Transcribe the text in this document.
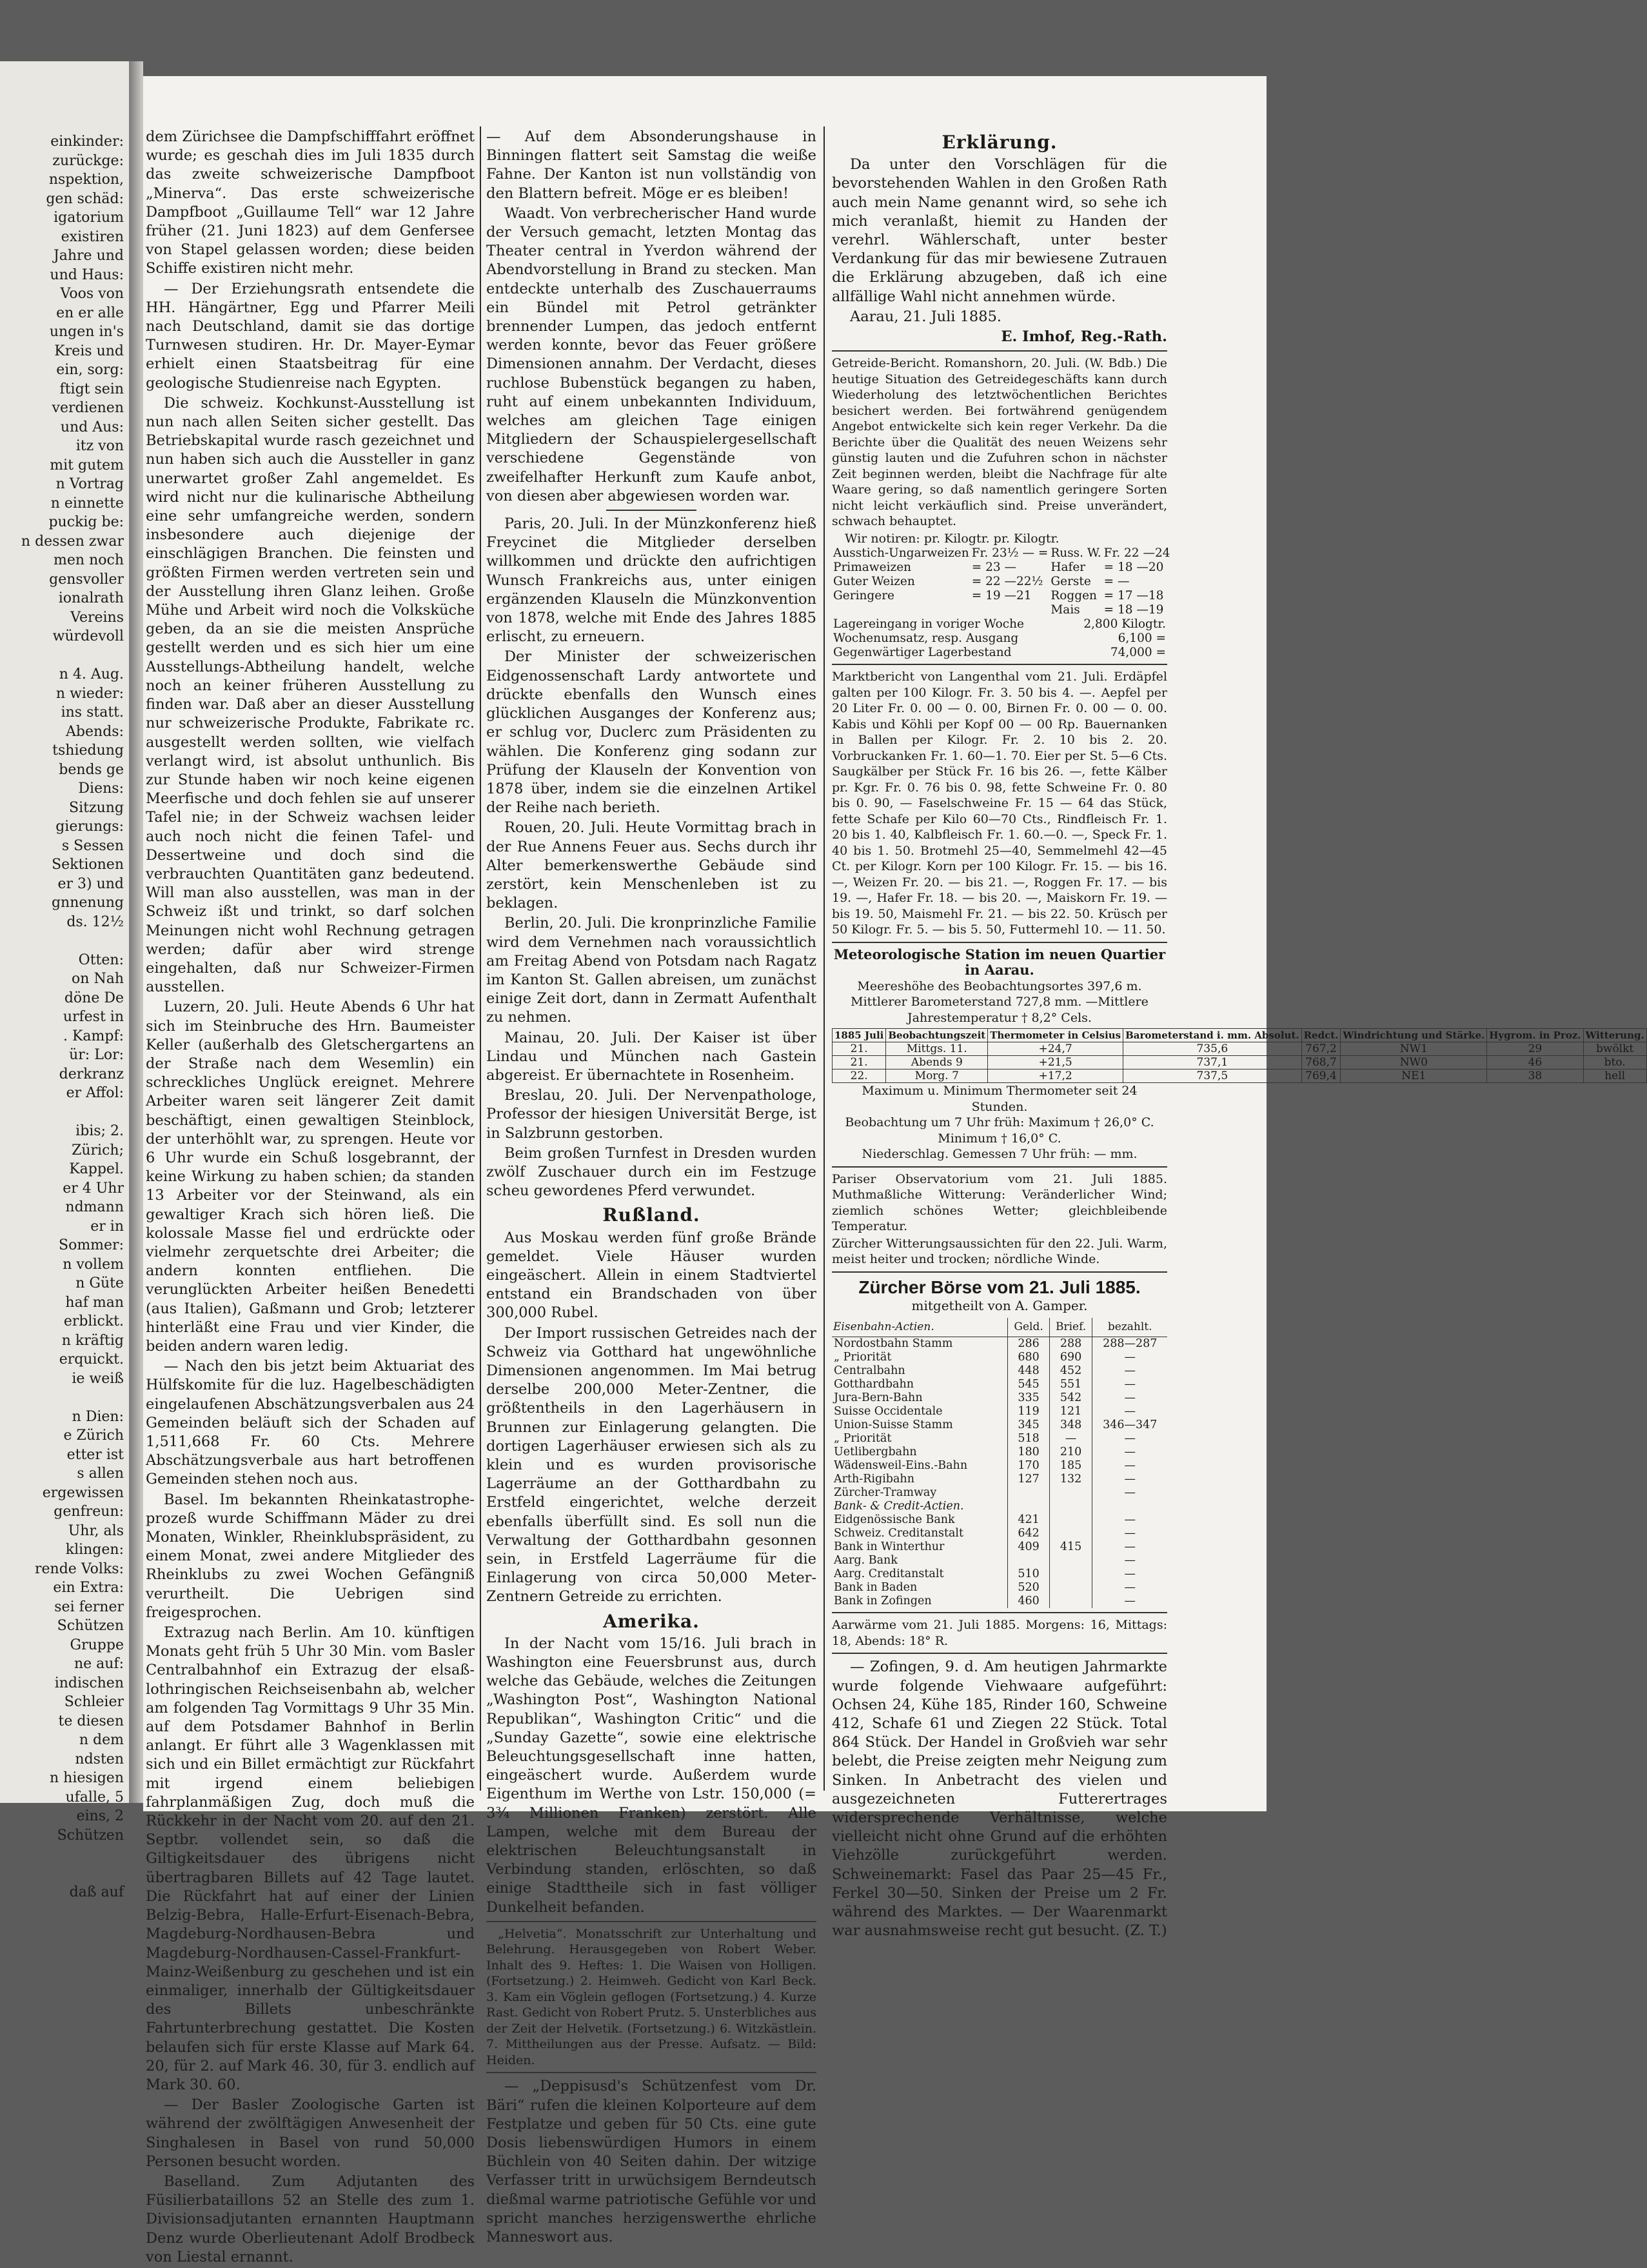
einkinder:
zurückge:
nspektion,
gen schäd:
igatorium
existiren
Jahre und
und Haus:
Voos von
en er alle
ungen in's
Kreis und
ein, sorg:
ftigt sein
verdienen
und Aus:
itz von
mit gutem
n Vortrag
n einnette
puckig be:
n dessen zwar
men noch
gensvoller
ionalrath
Vereins
würdevoll

n 4. Aug.
n wieder:
ins statt.
Abends:
tshiedung
bends ge
Diens:
Sitzung
gierungs:
s Sessen
Sektionen
er 3) und
gnnenung
ds. 12½

Otten:
on Nah
döne De
urfest in
. Kampf:
ür: Lor:
derkranz
er Affol:

ibis; 2.
Zürich;
Kappel.
er 4 Uhr
ndmann
er in
Sommer:
n vollem
n Güte
haf man
erblickt.
n kräftig
erquickt.
ie weiß

n Dien:
e Zürich
etter ist
s allen
ergewissen
genfreun:
Uhr, als
klingen:
rende Volks:
ein Extra:
sei ferner
Schützen
Gruppe
ne auf:
indischen
Schleier
te diesen
n dem
ndsten
n hiesigen
ufalle, 5
eins, 2
Schützen

daß auf

dem Zürichsee die Dampfschifffahrt eröffnet wurde; es geschah dies im Juli 1835 durch das zweite schweizerische Dampfboot „Minerva“. Das erste schweizerische Dampfboot „Guillaume Tell“ war 12 Jahre früher (21. Juni 1823) auf dem Genfersee von Stapel gelassen worden; diese beiden Schiffe existiren nicht mehr.

— Der Erziehungsrath entsendete die HH. Hängärtner, Egg und Pfarrer Meili nach Deutschland, damit sie das dortige Turnwesen studiren. Hr. Dr. Mayer-Eymar erhielt einen Staatsbeitrag für eine geologische Studienreise nach Egypten.

Die schweiz. Kochkunst-Ausstellung ist nun nach allen Seiten sicher gestellt. Das Betriebskapital wurde rasch gezeichnet und nun haben sich auch die Aussteller in ganz unerwartet großer Zahl angemeldet. Es wird nicht nur die kulinarische Abtheilung eine sehr umfangreiche werden, sondern insbesondere auch diejenige der einschlägigen Branchen. Die feinsten und größten Firmen werden vertreten sein und der Ausstellung ihren Glanz leihen. Große Mühe und Arbeit wird noch die Volksküche geben, da an sie die meisten Ansprüche gestellt werden und es sich hier um eine Ausstellungs-Abtheilung handelt, welche noch an keiner früheren Ausstellung zu finden war. Daß aber an dieser Ausstellung nur schweizerische Produkte, Fabrikate rc. ausgestellt werden sollten, wie vielfach verlangt wird, ist absolut unthunlich. Bis zur Stunde haben wir noch keine eigenen Meerfische und doch fehlen sie auf unserer Tafel nie; in der Schweiz wachsen leider auch noch nicht die feinen Tafel- und Dessertweine und doch sind die verbrauchten Quantitäten ganz bedeutend. Will man also ausstellen, was man in der Schweiz ißt und trinkt, so darf solchen Meinungen nicht wohl Rechnung getragen werden; dafür aber wird strenge eingehalten, daß nur Schweizer-Firmen ausstellen.

Luzern, 20. Juli. Heute Abends 6 Uhr hat sich im Steinbruche des Hrn. Baumeister Keller (außerhalb des Gletschergartens an der Straße nach dem Wesemlin) ein schreckliches Unglück ereignet. Mehrere Arbeiter waren seit längerer Zeit damit beschäftigt, einen gewaltigen Steinblock, der unterhöhlt war, zu sprengen. Heute vor 6 Uhr wurde ein Schuß losgebrannt, der keine Wirkung zu haben schien; da standen 13 Arbeiter vor der Steinwand, als ein gewaltiger Krach sich hören ließ. Die kolossale Masse fiel und erdrückte oder vielmehr zerquetschte drei Arbeiter; die andern konnten entfliehen. Die verunglückten Arbeiter heißen Benedetti (aus Italien), Gaßmann und Grob; letzterer hinterläßt eine Frau und vier Kinder, die beiden andern waren ledig.

— Nach den bis jetzt beim Aktuariat des Hülfskomite für die luz. Hagelbeschädigten eingelaufenen Abschätzungsverbalen aus 24 Gemeinden beläuft sich der Schaden auf 1,511,668 Fr. 60 Cts. Mehrere Abschätzungsverbale aus hart betroffenen Gemeinden stehen noch aus.

Basel. Im bekannten Rheinkatastrophe-prozeß wurde Schiffmann Mäder zu drei Monaten, Winkler, Rheinklubspräsident, zu einem Monat, zwei andere Mitglieder des Rheinklubs zu zwei Wochen Gefängniß verurtheilt. Die Uebrigen sind freigesprochen.

Extrazug nach Berlin. Am 10. künftigen Monats geht früh 5 Uhr 30 Min. vom Basler Centralbahnhof ein Extrazug der elsaß-lothringischen Reichseisenbahn ab, welcher am folgenden Tag Vormittags 9 Uhr 35 Min. auf dem Potsdamer Bahnhof in Berlin anlangt. Er führt alle 3 Wagenklassen mit sich und ein Billet ermächtigt zur Rückfahrt mit irgend einem beliebigen fahrplanmäßigen Zug, doch muß die Rückkehr in der Nacht vom 20. auf den 21. Septbr. vollendet sein, so daß die Giltigkeitsdauer des übrigens nicht übertragbaren Billets auf 42 Tage lautet. Die Rückfahrt hat auf einer der Linien Belzig-Bebra, Halle-Erfurt-Eisenach-Bebra, Magdeburg-Nordhausen-Bebra und Magdeburg-Nordhausen-Cassel-Frankfurt-Mainz-Weißenburg zu geschehen und ist ein einmaliger, innerhalb der Gültigkeitsdauer des Billets unbeschränkte Fahrtunterbrechung gestattet. Die Kosten belaufen sich für erste Klasse auf Mark 64. 20, für 2. auf Mark 46. 30, für 3. endlich auf Mark 30. 60.

— Der Basler Zoologische Garten ist während der zwölftägigen Anwesenheit der Singhalesen in Basel von rund 50,000 Personen besucht worden.

Baselland. Zum Adjutanten des Füsilierbataillons 52 an Stelle des zum 1. Divisionsadjutanten ernannten Hauptmann Denz wurde Oberlieutenant Adolf Brodbeck von Liestal ernannt.

— Auf dem Absonderungshause in Binningen flattert seit Samstag die weiße Fahne. Der Kanton ist nun vollständig von den Blattern befreit. Möge er es bleiben!

Waadt. Von verbrecherischer Hand wurde der Versuch gemacht, letzten Montag das Theater central in Yverdon während der Abendvorstellung in Brand zu stecken. Man entdeckte unterhalb des Zuschauerraums ein Bündel mit Petrol getränkter brennender Lumpen, das jedoch entfernt werden konnte, bevor das Feuer größere Dimensionen annahm. Der Verdacht, dieses ruchlose Bubenstück begangen zu haben, ruht auf einem unbekannten Individuum, welches am gleichen Tage einigen Mitgliedern der Schauspielergesellschaft verschiedene Gegenstände von zweifelhafter Herkunft zum Kaufe anbot, von diesen aber abgewiesen worden war.

Paris, 20. Juli. In der Münzkonferenz hieß Freycinet die Mitglieder derselben willkommen und drückte den aufrichtigen Wunsch Frankreichs aus, unter einigen ergänzenden Klauseln die Münzkonvention von 1878, welche mit Ende des Jahres 1885 erlischt, zu erneuern.

Der Minister der schweizerischen Eidgenossenschaft Lardy antwortete und drückte ebenfalls den Wunsch eines glücklichen Ausganges der Konferenz aus; er schlug vor, Duclerc zum Präsidenten zu wählen. Die Konferenz ging sodann zur Prüfung der Klauseln der Konvention von 1878 über, indem sie die einzelnen Artikel der Reihe nach berieth.

Rouen, 20. Juli. Heute Vormittag brach in der Rue Annens Feuer aus. Sechs durch ihr Alter bemerkenswerthe Gebäude sind zerstört, kein Menschenleben ist zu beklagen.

Berlin, 20. Juli. Die kronprinzliche Familie wird dem Vernehmen nach voraussichtlich am Freitag Abend von Potsdam nach Ragatz im Kanton St. Gallen abreisen, um zunächst einige Zeit dort, dann in Zermatt Aufenthalt zu nehmen.

Mainau, 20. Juli. Der Kaiser ist über Lindau und München nach Gastein abgereist. Er übernachtete in Rosenheim.

Breslau, 20. Juli. Der Nervenpathologe, Professor der hiesigen Universität Berge, ist in Salzbrunn gestorben.

Beim großen Turnfest in Dresden wurden zwölf Zuschauer durch ein im Festzuge scheu gewordenes Pferd verwundet.

Rußland.

Aus Moskau werden fünf große Brände gemeldet. Viele Häuser wurden eingeäschert. Allein in einem Stadtviertel entstand ein Brandschaden von über 300,000 Rubel.

Der Import russischen Getreides nach der Schweiz via Gotthard hat ungewöhnliche Dimensionen angenommen. Im Mai betrug derselbe 200,000 Meter-Zentner, die größtentheils in den Lagerhäusern in Brunnen zur Einlagerung gelangten. Die dortigen Lagerhäuser erwiesen sich als zu klein und es wurden provisorische Lagerräume an der Gotthardbahn zu Erstfeld eingerichtet, welche derzeit ebenfalls überfüllt sind. Es soll nun die Verwaltung der Gotthardbahn gesonnen sein, in Erstfeld Lagerräume für die Einlagerung von circa 50,000 Meter-Zentnern Getreide zu errichten.

Amerika.

In der Nacht vom 15/16. Juli brach in Washington eine Feuersbrunst aus, durch welche das Gebäude, welches die Zeitungen „Washington Post“, Washington National Republikan“, Washington Critic“ und die „Sunday Gazette“, sowie eine elektrische Beleuchtungsgesellschaft inne hatten, eingeäschert wurde. Außerdem wurde Eigenthum im Werthe von Lstr. 150,000 (= 3¾ Millionen Franken) zerstört. Alle Lampen, welche mit dem Bureau der elektrischen Beleuchtungsanstalt in Verbindung standen, erlöschten, so daß einige Stadttheile sich in fast völliger Dunkelheit befanden.

„Helvetia“. Monatsschrift zur Unterhaltung und Belehrung. Herausgegeben von Robert Weber. Inhalt des 9. Heftes: 1. Die Waisen von Holligen. (Fortsetzung.) 2. Heimweh. Gedicht von Karl Beck. 3. Kam ein Vöglein geflogen (Fortsetzung.) 4. Kurze Rast. Gedicht von Robert Prutz. 5. Unsterbliches aus der Zeit der Helvetik. (Fortsetzung.) 6. Witzkästlein. 7. Mittheilungen aus der Presse. Aufsatz. — Bild: Heiden.

— „Deppisusd's Schützenfest vom Dr. Bäri“ rufen die kleinen Kolporteure auf dem Festplatze und geben für 50 Cts. eine gute Dosis liebenswürdigen Humors in einem Büchlein von 40 Seiten dahin. Der witzige Verfasser tritt in urwüchsigem Berndeutsch dießmal warme patriotische Gefühle vor und spricht manches herzigenswerthe ehrliche Manneswort aus.

Erklärung.

Da unter den Vorschlägen für die bevorstehenden Wahlen in den Großen Rath auch mein Name genannt wird, so sehe ich mich veranlaßt, hiemit zu Handen der verehrl. Wählerschaft, unter bester Verdankung für das mir bewiesene Zutrauen die Erklärung abzugeben, daß ich eine allfällige Wahl nicht annehmen würde.

Aarau, 21. Juli 1885.

E. Imhof, Reg.-Rath.

Getreide-Bericht. Romanshorn, 20. Juli. (W. Bdb.) Die heutige Situation des Getreidegeschäfts kann durch Wiederholung des letztwöchentlichen Berichtes besichert werden. Bei fortwährend genügendem Angebot entwickelte sich kein reger Verkehr. Da die Berichte über die Qualität des neuen Weizens sehr günstig lauten und die Zufuhren schon in nächster Zeit beginnen werden, bleibt die Nachfrage für alte Waare gering, so daß namentlich geringere Sorten nicht leicht verkäuflich sind. Preise unverändert, schwach behauptet.

Wir notiren: pr. Kilogtr. pr. Kilogtr.
Ausstich-Ungarweizen	Fr. 23½ — =	Russ. W.	Fr. 22 —24
Primaweizen	= 23 —	Hafer	= 18 —20
Guter Weizen	= 22 —22½	Gerste	= —
Geringere	= 19 —21	Roggen	= 17 —18
		Mais	= 18 —19
Lagereingang in voriger Woche	2,800 Kilogtr.
Wochenumsatz, resp. Ausgang	6,100 =
Gegenwärtiger Lagerbestand	74,000 =

Marktbericht von Langenthal vom 21. Juli. Erdäpfel galten per 100 Kilogr. Fr. 3. 50 bis 4. —. Aepfel per 20 Liter Fr. 0. 00 — 0. 00, Birnen Fr. 0. 00 — 0. 00. Kabis und Köhli per Kopf 00 — 00 Rp. Bauernanken in Ballen per Kilogr. Fr. 2. 10 bis 2. 20. Vorbruckanken Fr. 1. 60—1. 70. Eier per St. 5—6 Cts. Saugkälber per Stück Fr. 16 bis 26. —, fette Kälber pr. Kgr. Fr. 0. 76 bis 0. 98, fette Schweine Fr. 0. 80 bis 0. 90, — Faselschweine Fr. 15 — 64 das Stück, fette Schafe per Kilo 60—70 Cts., Rindfleisch Fr. 1. 20 bis 1. 40, Kalbfleisch Fr. 1. 60.—0. —, Speck Fr. 1. 40 bis 1. 50. Brotmehl 25—40, Semmelmehl 42—45 Ct. per Kilogr. Korn per 100 Kilogr. Fr. 15. — bis 16. —, Weizen Fr. 20. — bis 21. —, Roggen Fr. 17. — bis 19. —, Hafer Fr. 18. — bis 20. —, Maiskorn Fr. 19. — bis 19. 50, Maismehl Fr. 21. — bis 22. 50. Krüsch per 50 Kilogr. Fr. 5. — bis 5. 50, Futtermehl 10. — 11. 50.

Meteorologische Station im neuen Quartier in Aarau.
Meereshöhe des Beobachtungsortes 397,6 m.
Mittlerer Barometerstand 727,8 mm. —Mittlere Jahrestemperatur † 8,2° Cels.
1885 Juli	Beobachtungszeit	Thermometer in Celsius	Barometerstand i. mm. Absolut.	Redct.	Windrichtung und Stärke.	Hygrom. in Proz.	Witterung.
21.	Mittgs. 11.	+24,7	735,6	767,2	NW1	29	bwölkt
21.	Abends 9	+21,5	737,1	768,7	NW0	46	bto.
22.	Morg. 7	+17,2	737,5	769,4	NE1	38	hell
Maximum u. Minimum Thermometer seit 24 Stunden.
Beobachtung um 7 Uhr früh: Maximum † 26,0° C.
Minimum † 16,0° C.
Niederschlag. Gemessen 7 Uhr früh: — mm.

Pariser Observatorium vom 21. Juli 1885. Muthmaßliche Witterung: Veränderlicher Wind; ziemlich schönes Wetter; gleichbleibende Temperatur.

Zürcher Witterungsaussichten für den 22. Juli. Warm, meist heiter und trocken; nördliche Winde.

Zürcher Börse vom 21. Juli 1885.
mitgetheilt von A. Gamper.
Eisenbahn-Actien.	Geld.	Brief.	bezahlt.
Nordostbahn Stamm	286	288	288—287
„ Priorität	680	690	—
Centralbahn	448	452	—
Gotthardbahn	545	551	—
Jura-Bern-Bahn	335	542	—
Suisse Occidentale	119	121	—
Union-Suisse Stamm	345	348	346—347
„ Priorität	518	—	—
Uetlibergbahn	180	210	—
Wädensweil-Eins.-Bahn	170	185	—
Arth-Rigibahn	127	132	—
Zürcher-Tramway			—
Bank- & Credit-Actien.			
Eidgenössische Bank	421		—
Schweiz. Creditanstalt	642		—
Bank in Winterthur	409	415	—
Aarg. Bank			—
Aarg. Creditanstalt	510		—
Bank in Baden	520		—
Bank in Zofingen	460		—

Aarwärme vom 21. Juli 1885. Morgens: 16, Mittags: 18, Abends: 18° R.

— Zofingen, 9. d. Am heutigen Jahrmarkte wurde folgende Viehwaare aufgeführt: Ochsen 24, Kühe 185, Rinder 160, Schweine 412, Schafe 61 und Ziegen 22 Stück. Total 864 Stück. Der Handel in Großvieh war sehr belebt, die Preise zeigten mehr Neigung zum Sinken. In Anbetracht des vielen und ausgezeichneten Futterertrages widersprechende Verhältnisse, welche vielleicht nicht ohne Grund auf die erhöhten Viehzölle zurückgeführt werden. Schweinemarkt: Fasel das Paar 25—45 Fr., Ferkel 30—50. Sinken der Preise um 2 Fr. während des Marktes. — Der Waarenmarkt war ausnahmsweise recht gut besucht. (Z. T.)
